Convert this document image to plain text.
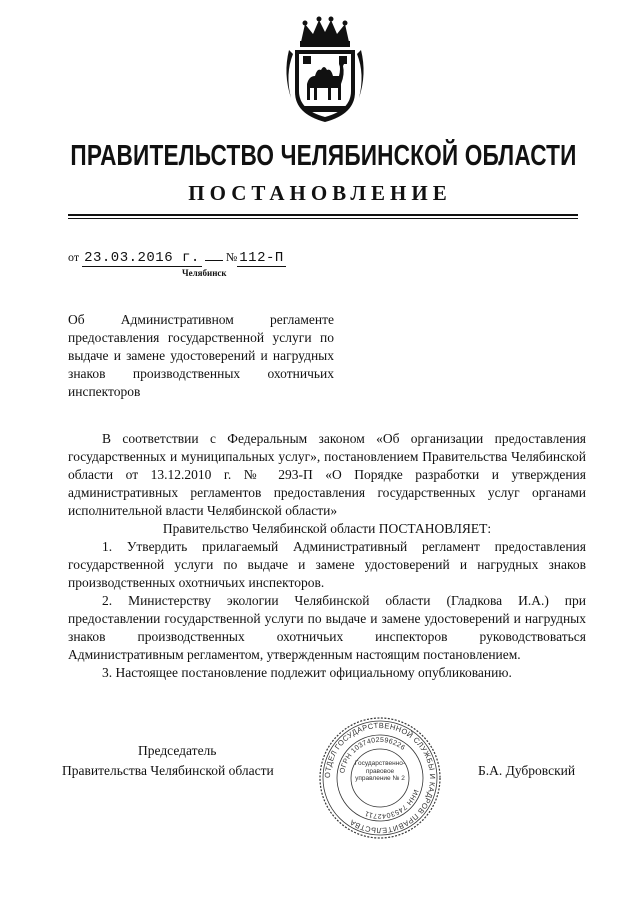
ПРАВИТЕЛЬСТВО ЧЕЛЯБИНСКОЙ ОБЛАСТИ
ПОСТАНОВЛЕНИЕ
от 23.03.2016 г. № 112-П
Челябинск
Об Административном регламенте предоставления государственной услуги по выдаче и замене удостоверений и нагрудных знаков производственных охотничьих инспекторов

В соответствии с Федеральным законом «Об организации предоставления государственных и муниципальных услуг», постановлением Правительства Челябинской области от 13.12.2010 г. № 293-П «О Порядке разработки и утверждения административных регламентов предоставления государственных услуг органами исполнительной власти Челябинской области»

Правительство Челябинской области ПОСТАНОВЛЯЕТ:

1. Утвердить прилагаемый Административный регламент предоставления государственной услуги по выдаче и замене удостоверений и нагрудных знаков производственных охотничьих инспекторов.

2. Министерству экологии Челябинской области (Гладкова И.А.) при предоставлении государственной услуги по выдаче и замене удостоверений и нагрудных знаков производственных охотничьих инспекторов руководствоваться Административным регламентом, утвержденным настоящим постановлением.

3. Настоящее постановление подлежит официальному опубликованию.

Председатель
Правительства Челябинской области	Б.А. Дубровский
ОТДЕЛ ГОСУДАРСТВЕННОЙ СЛУЖБЫ И КАДРОВ ПРАВИТЕЛЬСТВА
ОГРН 1037402596226
ИНН 7453042711
Государственно-правовое управление № 2
